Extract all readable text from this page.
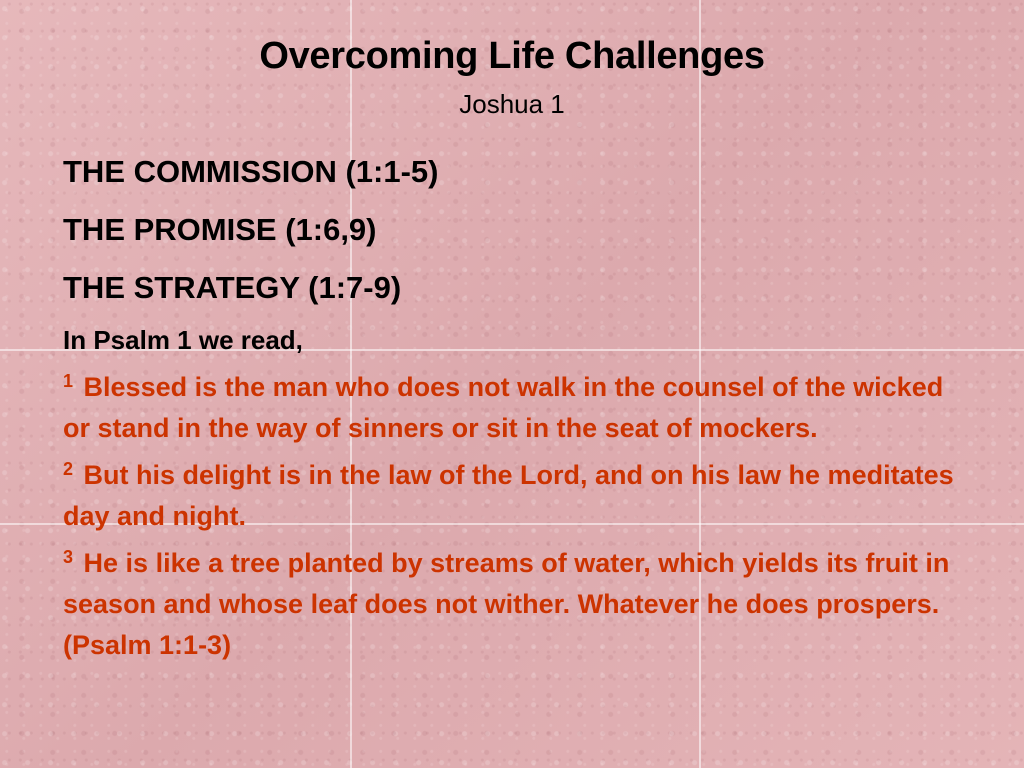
Overcoming Life Challenges
Joshua 1
THE COMMISSION (1:1-5)
THE PROMISE (1:6,9)
THE STRATEGY (1:7-9)
In Psalm 1 we read,
$^1$ Blessed is the man who does not walk in the counsel of the wicked or stand in the way of sinners or sit in the seat of mockers.
$^2$ But his delight is in the law of the Lord, and on his law he meditates day and night.
$^3$ He is like a tree planted by streams of water, which yields its fruit in season and whose leaf does not wither. Whatever he does prospers. (Psalm 1:1-3)
